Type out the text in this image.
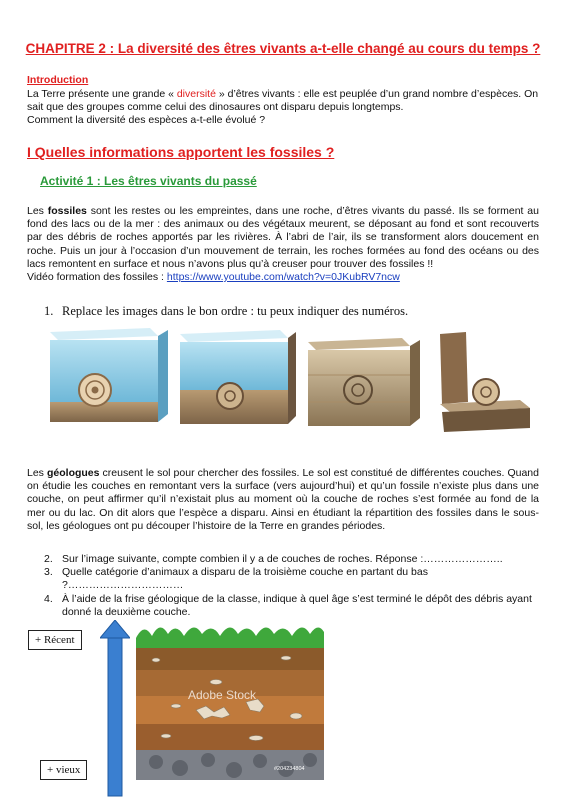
CHAPITRE 2 : La diversité des êtres vivants a-t-elle changé au cours du temps ?
Introduction
La Terre présente une grande « diversité » d’êtres vivants : elle est peuplée d’un grand nombre d’espèces. On
sait que des groupes comme celui des dinosaures ont disparu depuis longtemps.
Comment la diversité des espèces a-t-elle évolué ?
I Quelles informations apportent les fossiles ?
Activité 1 : Les êtres vivants du passé
Les fossiles sont les restes ou les empreintes, dans une roche, d’êtres vivants du passé. Ils se forment au fond des lacs ou de la mer : des animaux ou des végétaux meurent, se déposant au fond et sont recouverts par des débris de roches apportés par les rivières. À l’abri de l’air, ils se transforment alors doucement en roche. Puis un jour à l’occasion d’un mouvement de terrain, les roches formées au fond des océans ou des lacs remontent en surface et nous n’avons plus qu’à creuser pour trouver des fossiles !!
Vidéo formation des fossiles : https://www.youtube.com/watch?v=0JKubRV7ncw
1. Replace les images dans le bon ordre : tu peux indiquer des numéros.
Les géologues creusent le sol pour chercher des fossiles. Le sol est constitué de différentes couches. Quand on étudie les couches en remontant vers la surface (vers aujourd’hui) et qu’un fossile n’existe plus dans une couche, on peut affirmer qu’il n’existait plus au moment où la couche de roches s’est formée au fond de la mer ou du lac. On dit alors que l’espèce a disparu. Ainsi en étudiant la répartition des fossiles dans le sous-sol, les géologues ont pu découper l’histoire de la Terre en grandes périodes.
2. Sur l’image suivante, compte combien il y a de couches de roches. Réponse :…………………..
3. Quelle catégorie d’animaux a disparu de la troisième couche en partant du bas ?……………………………
4. À l’aide de la frise géologique de la classe, indique à quel âge s’est terminé le dépôt des débris ayant donné la deuxième couche.
+ Récent
+ vieux
Adobe Stock
#204234804
